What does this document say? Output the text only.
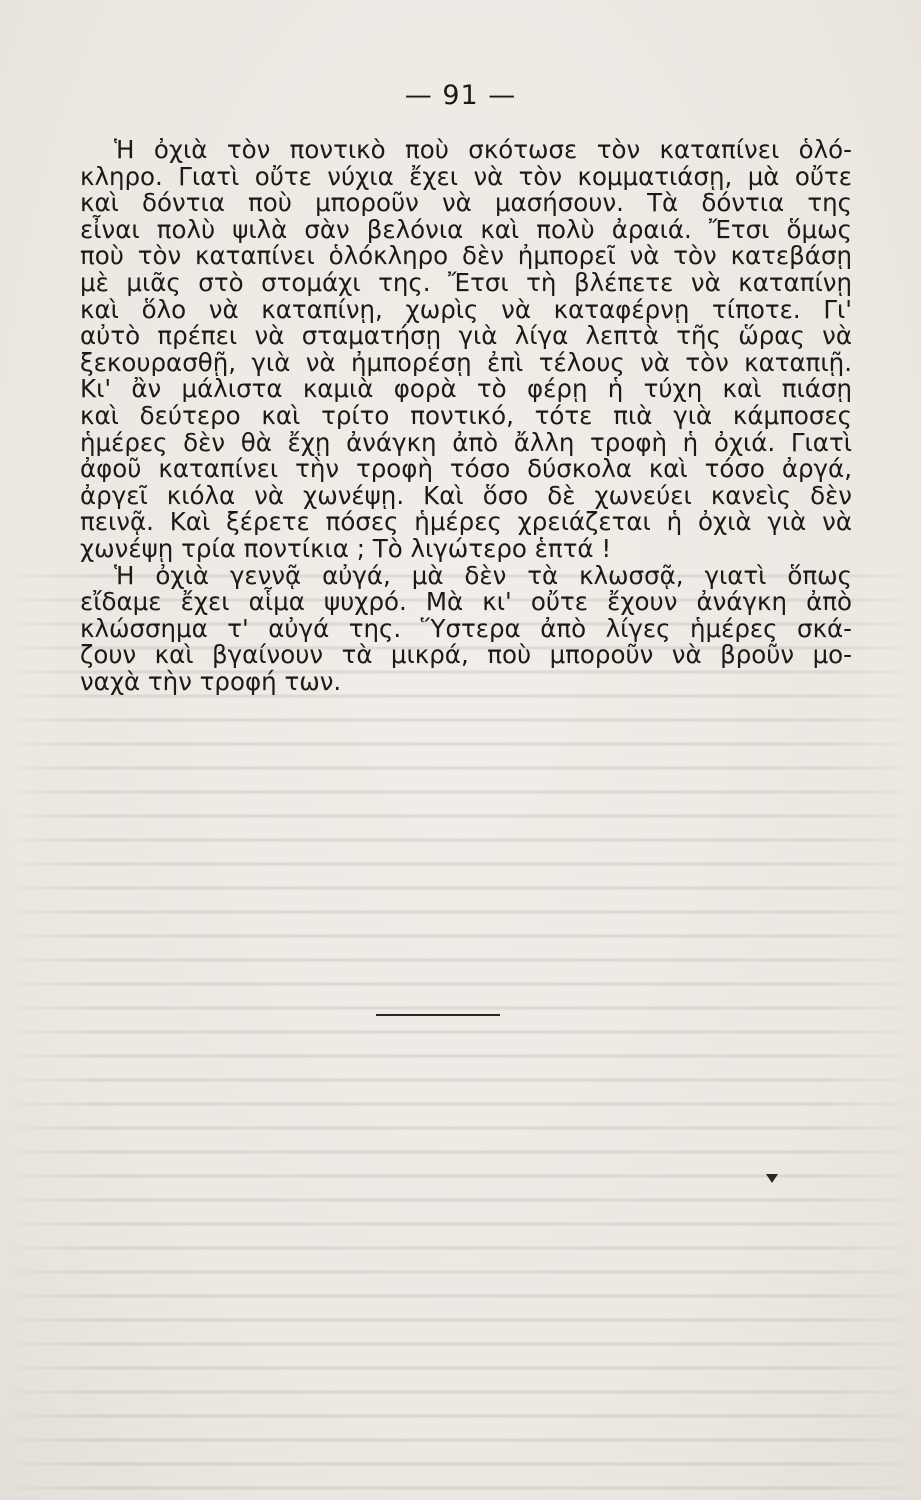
— 91 —
Ἡ ὀχιὰ τὸν ποντικὸ ποὺ σκότωσε τὸν καταπίνει ὁλό-
κληρο. Γιατὶ οὔτε νύχια ἔχει νὰ τὸν κομματιάσῃ, μὰ οὔτε
καὶ δόντια ποὺ μποροῦν νὰ μασήσουν. Τὰ δόντια της
εἶναι πολὺ ψιλὰ σὰν βελόνια καὶ πολὺ ἀραιά. Ἔτσι ὅμως
ποὺ τὸν καταπίνει ὁλόκληρο δὲν ἠμπορεῖ νὰ τὸν κατεβάσῃ
μὲ μιᾶς στὸ στομάχι της. Ἔτσι τὴ βλέπετε νὰ καταπίνῃ
καὶ ὅλο νὰ καταπίνῃ, χωρὶς νὰ καταφέρνῃ τίποτε. Γι'
αὐτὸ πρέπει νὰ σταματήσῃ γιὰ λίγα λεπτὰ τῆς ὥρας νὰ
ξεκουρασθῇ, γιὰ νὰ ἠμπορέσῃ ἐπὶ τέλους νὰ τὸν καταπιῇ.
Κι' ἂν μάλιστα καμιὰ φορὰ τὸ φέρῃ ἡ τύχη καὶ πιάσῃ
καὶ δεύτερο καὶ τρίτο ποντικό, τότε πιὰ γιὰ κάμποσες
ἡμέρες δὲν θὰ ἔχῃ ἀνάγκη ἀπὸ ἄλλη τροφὴ ἡ ὀχιά. Γιατὶ
ἀφοῦ καταπίνει τὴν τροφὴ τόσο δύσκολα καὶ τόσο ἀργά,
ἀργεῖ κιόλα νὰ χωνέψῃ. Καὶ ὅσο δὲ χωνεύει κανεὶς δὲν
πεινᾷ. Καὶ ξέρετε πόσες ἡμέρες χρειάζεται ἡ ὀχιὰ γιὰ νὰ
χωνέψῃ τρία ποντίκια ; Τὸ λιγώτερο ἑπτά !
Ἡ ὀχιὰ γεννᾷ αὐγά, μὰ δὲν τὰ κλωσσᾷ, γιατὶ ὅπως
εἴδαμε ἔχει αἷμα ψυχρό. Μὰ κι' οὔτε ἔχουν ἀνάγκη ἀπὸ
κλώσσημα τ' αὐγά της. Ὕστερα ἀπὸ λίγες ἡμέρες σκά-
ζουν καὶ βγαίνουν τὰ μικρά, ποὺ μποροῦν νὰ βροῦν μο-
ναχὰ τὴν τροφή των.
